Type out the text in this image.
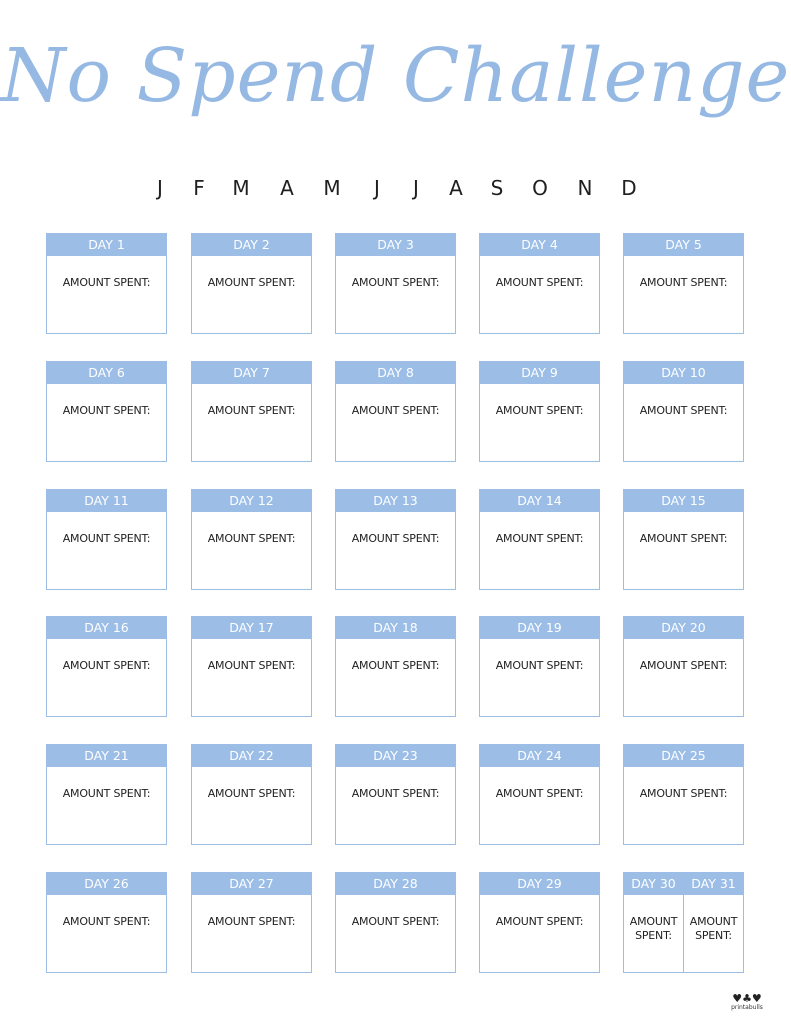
No Spend Challenge
J	F	M	A	M	J	J	A	S	O	N	D
DAY 1
AMOUNT SPENT:
DAY 2
AMOUNT SPENT:
DAY 3
AMOUNT SPENT:
DAY 4
AMOUNT SPENT:
DAY 5
AMOUNT SPENT:
DAY 6
AMOUNT SPENT:
DAY 7
AMOUNT SPENT:
DAY 8
AMOUNT SPENT:
DAY 9
AMOUNT SPENT:
DAY 10
AMOUNT SPENT:
DAY 11
AMOUNT SPENT:
DAY 12
AMOUNT SPENT:
DAY 13
AMOUNT SPENT:
DAY 14
AMOUNT SPENT:
DAY 15
AMOUNT SPENT:
DAY 16
AMOUNT SPENT:
DAY 17
AMOUNT SPENT:
DAY 18
AMOUNT SPENT:
DAY 19
AMOUNT SPENT:
DAY 20
AMOUNT SPENT:
DAY 21
AMOUNT SPENT:
DAY 22
AMOUNT SPENT:
DAY 23
AMOUNT SPENT:
DAY 24
AMOUNT SPENT:
DAY 25
AMOUNT SPENT:
DAY 26
AMOUNT SPENT:
DAY 27
AMOUNT SPENT:
DAY 28
AMOUNT SPENT:
DAY 29
AMOUNT SPENT:
DAY 30
AMOUNT
SPENT:
DAY 31
AMOUNT
SPENT:
♥♣♥
printabulls
